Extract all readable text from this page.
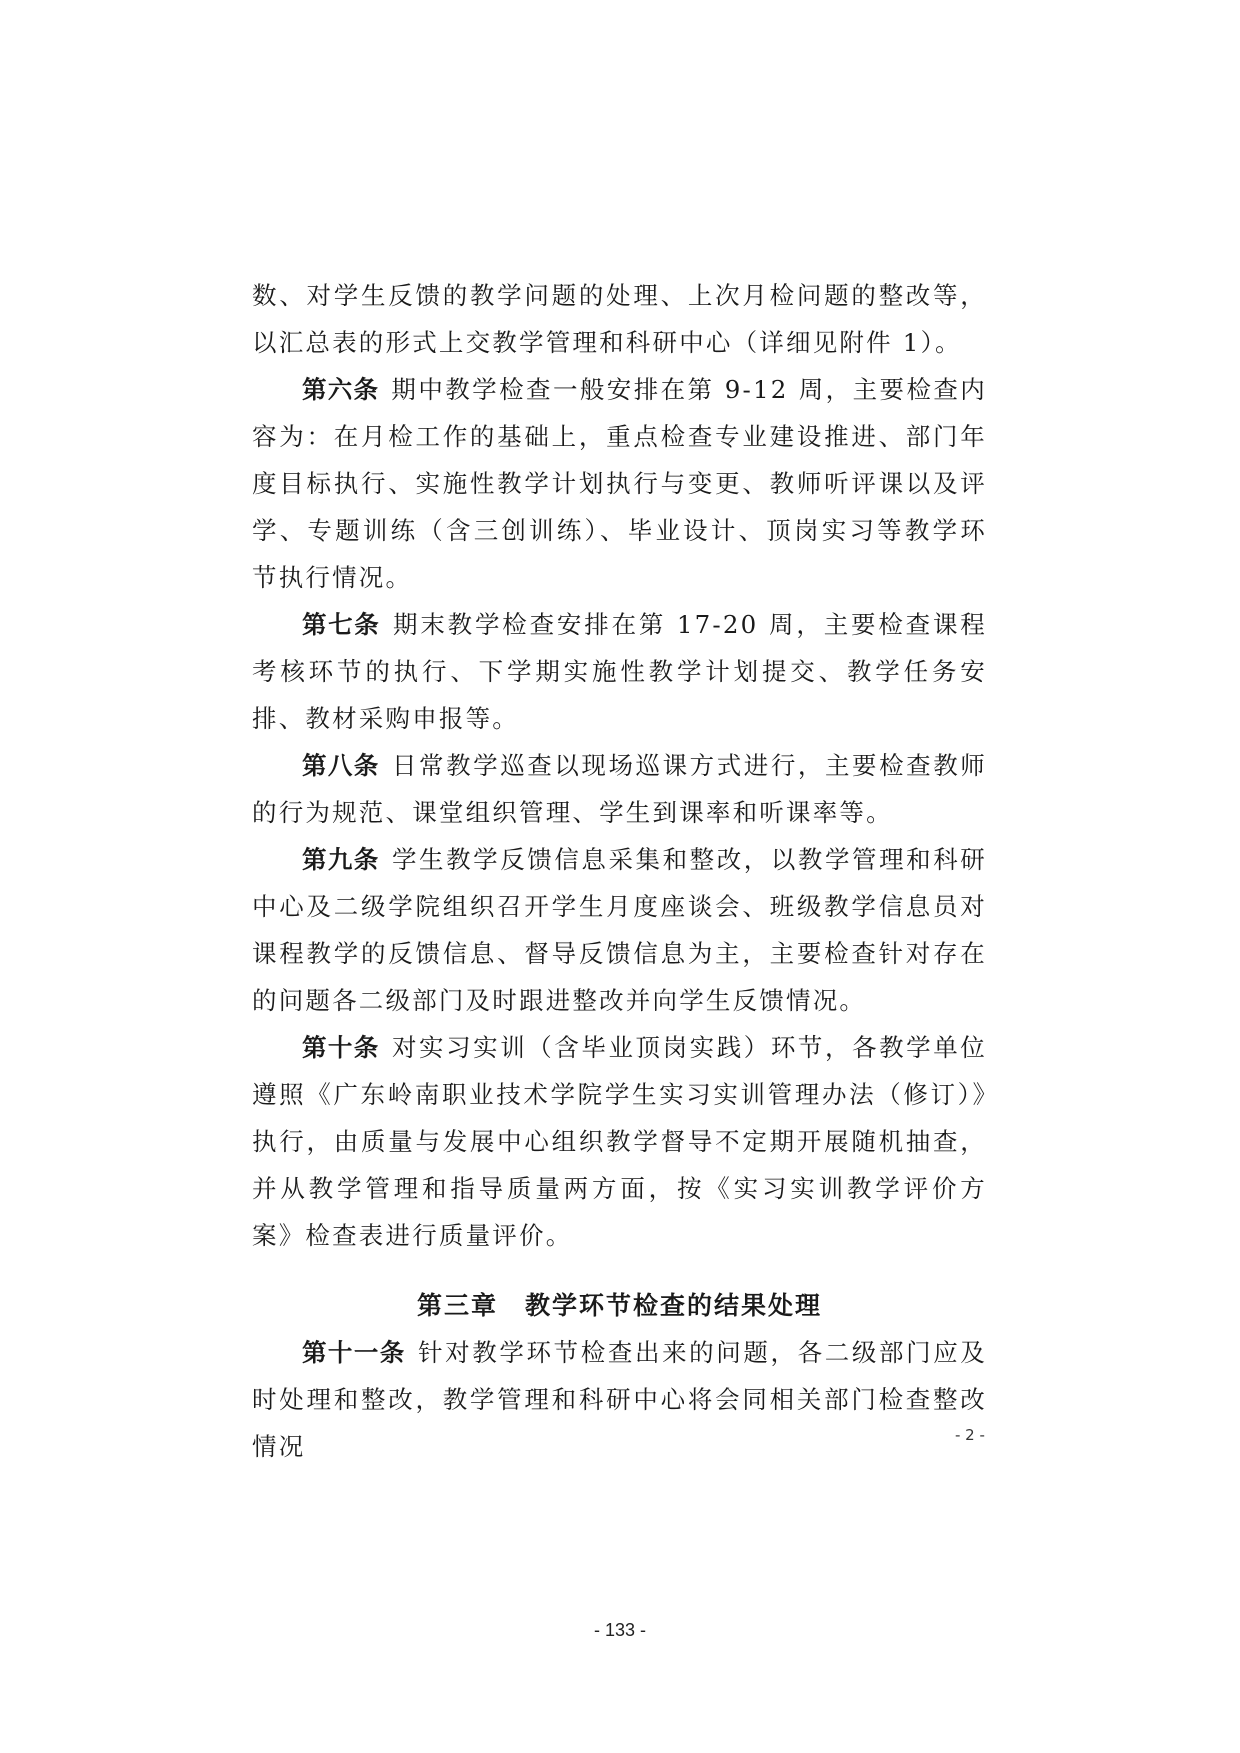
数、对学生反馈的教学问题的处理、上次月检问题的整改等，以汇总表的形式上交教学管理和科研中心（详细见附件 1）。

第六条 期中教学检查一般安排在第 9-12 周，主要检查内容为：在月检工作的基础上，重点检查专业建设推进、部门年度目标执行、实施性教学计划执行与变更、教师听评课以及评学、专题训练（含三创训练）、毕业设计、顶岗实习等教学环节执行情况。

第七条 期末教学检查安排在第 17-20 周，主要检查课程考核环节的执行、下学期实施性教学计划提交、教学任务安排、教材采购申报等。

第八条 日常教学巡查以现场巡课方式进行，主要检查教师的行为规范、课堂组织管理、学生到课率和听课率等。

第九条 学生教学反馈信息采集和整改，以教学管理和科研中心及二级学院组织召开学生月度座谈会、班级教学信息员对课程教学的反馈信息、督导反馈信息为主，主要检查针对存在的问题各二级部门及时跟进整改并向学生反馈情况。

第十条 对实习实训（含毕业顶岗实践）环节，各教学单位遵照《广东岭南职业技术学院学生实习实训管理办法（修订）》执行，由质量与发展中心组织教学督导不定期开展随机抽查，并从教学管理和指导质量两方面，按《实习实训教学评价方案》检查表进行质量评价。

第三章　教学环节检查的结果处理

第十一条 针对教学环节检查出来的问题，各二级部门应及时处理和整改，教学管理和科研中心将会同相关部门检查整改情况	- 2 -
- 133 -
